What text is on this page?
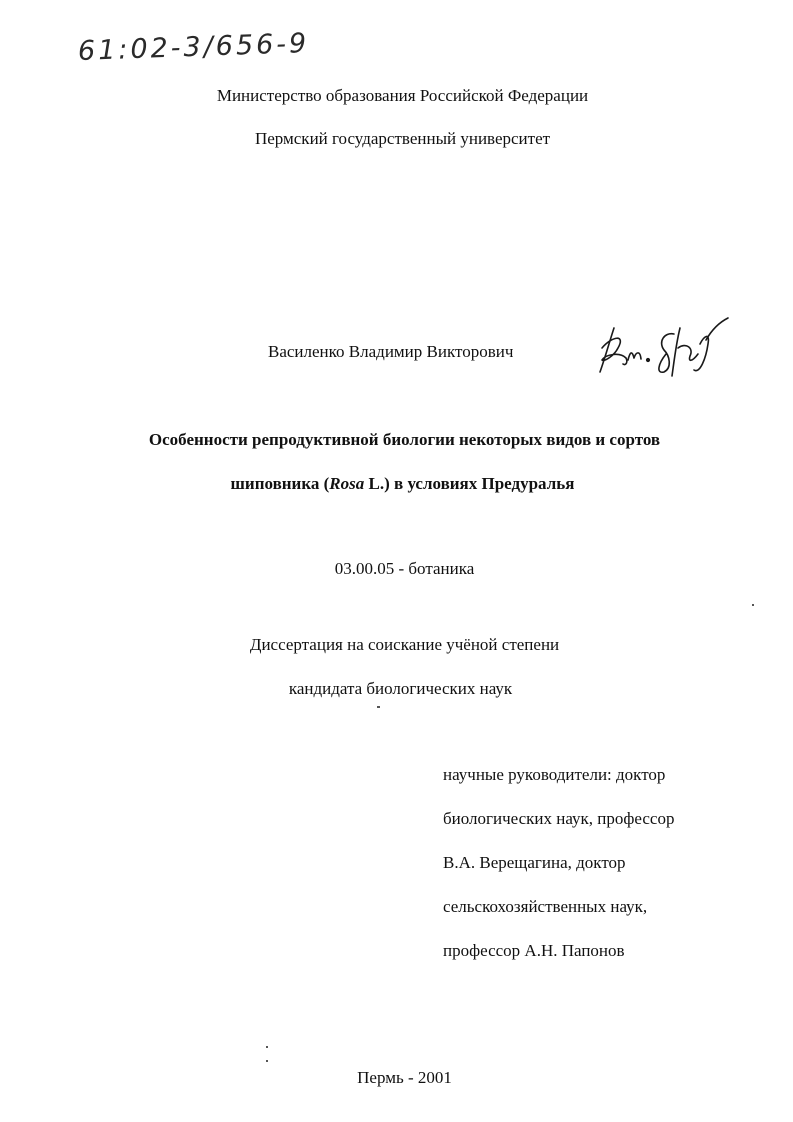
61:02-3/656-9
Министерство образования Российской Федерации
Пермский государственный университет
Василенко Владимир Викторович
Особенности репродуктивной биологии некоторых видов и сортов
шиповника (Rosa L.) в условиях Предуралья
03.00.05 - ботаника
Диссертация на соискание учёной степени
кандидата биологических наук
научные руководители: доктор
биологических наук, профессор
В.А. Верещагина, доктор
сельскохозяйственных наук,
профессор А.Н. Папонов
Пермь - 2001
